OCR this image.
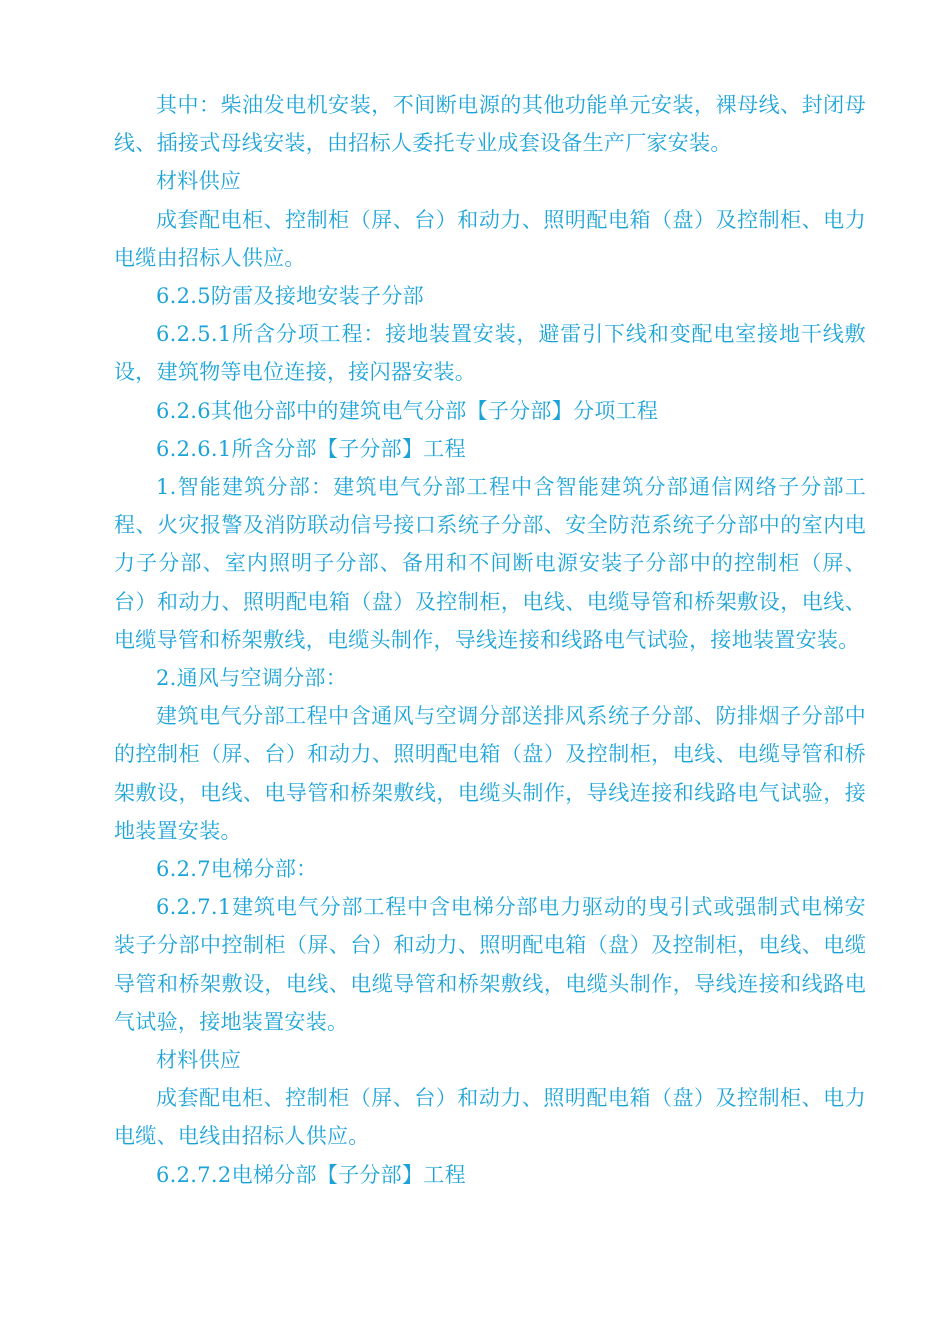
其中：柴油发电机安装，不间断电源的其他功能单元安装，裸母线、封闭母线、插接式母线安装，由招标人委托专业成套设备生产厂家安装。

材料供应

成套配电柜、控制柜（屏、台）和动力、照明配电箱（盘）及控制柜、电力电缆由招标人供应。

6.2.5防雷及接地安装子分部

6.2.5.1所含分项工程：接地装置安装，避雷引下线和变配电室接地干线敷设，建筑物等电位连接，接闪器安装。

6.2.6其他分部中的建筑电气分部【子分部】分项工程

6.2.6.1所含分部【子分部】工程

1.智能建筑分部：建筑电气分部工程中含智能建筑分部通信网络子分部工程、火灾报警及消防联动信号接口系统子分部、安全防范系统子分部中的室内电力子分部、室内照明子分部、备用和不间断电源安装子分部中的控制柜（屏、台）和动力、照明配电箱（盘）及控制柜，电线、电缆导管和桥架敷设，电线、电缆导管和桥架敷线，电缆头制作，导线连接和线路电气试验，接地装置安装。

2.通风与空调分部：

建筑电气分部工程中含通风与空调分部送排风系统子分部、防排烟子分部中的控制柜（屏、台）和动力、照明配电箱（盘）及控制柜，电线、电缆导管和桥架敷设，电线、电导管和桥架敷线，电缆头制作，导线连接和线路电气试验，接地装置安装。

6.2.7电梯分部：

6.2.7.1建筑电气分部工程中含电梯分部电力驱动的曳引式或强制式电梯安装子分部中控制柜（屏、台）和动力、照明配电箱（盘）及控制柜，电线、电缆导管和桥架敷设，电线、电缆导管和桥架敷线，电缆头制作，导线连接和线路电气试验，接地装置安装。

材料供应

成套配电柜、控制柜（屏、台）和动力、照明配电箱（盘）及控制柜、电力电缆、电线由招标人供应。

6.2.7.2电梯分部【子分部】工程
